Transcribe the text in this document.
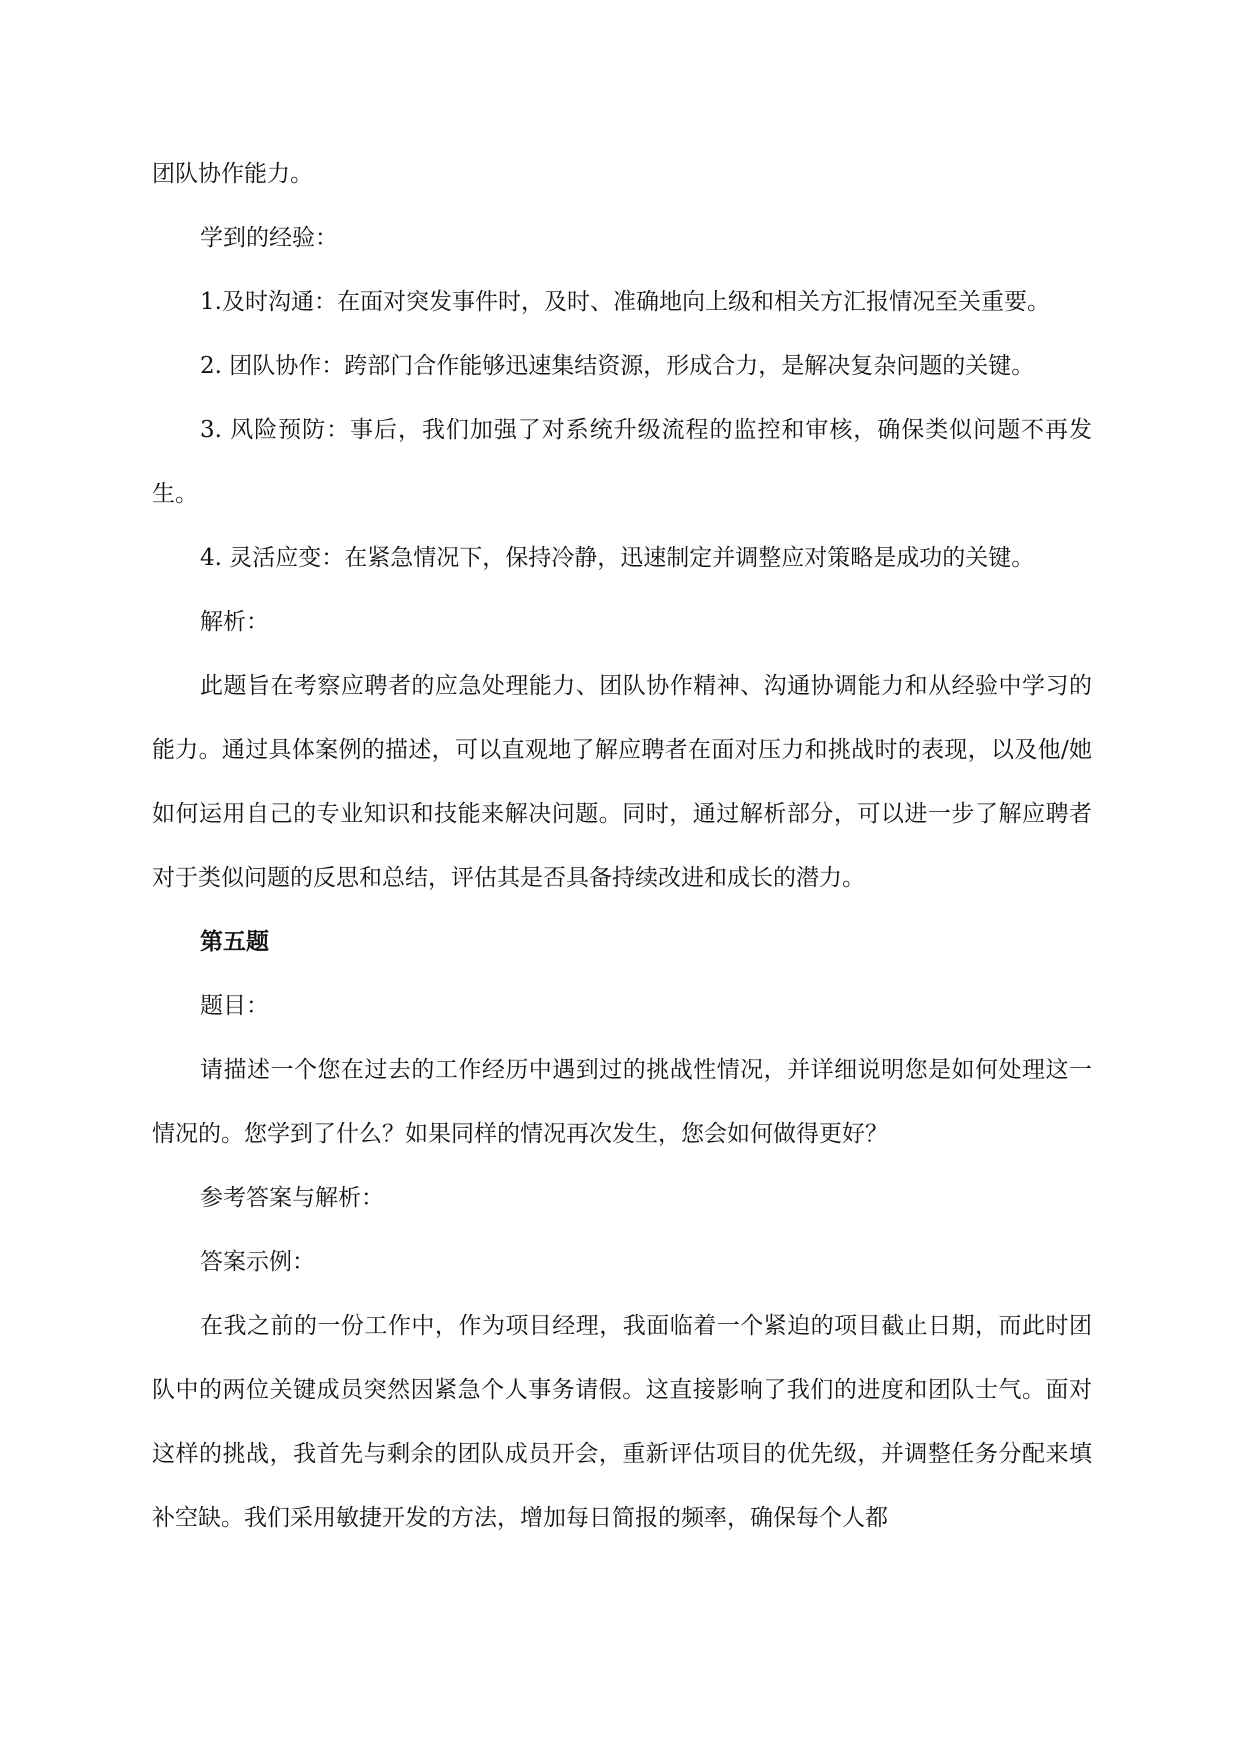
团队协作能力。

学到的经验：

1.及时沟通：在面对突发事件时，及时、准确地向上级和相关方汇报情况至关重要。

2. 团队协作：跨部门合作能够迅速集结资源，形成合力，是解决复杂问题的关键。

3. 风险预防：事后，我们加强了对系统升级流程的监控和审核，确保类似问题不再发生。

4. 灵活应变：在紧急情况下，保持冷静，迅速制定并调整应对策略是成功的关键。

解析：

此题旨在考察应聘者的应急处理能力、团队协作精神、沟通协调能力和从经验中学习的能力。通过具体案例的描述，可以直观地了解应聘者在面对压力和挑战时的表现，以及他/她如何运用自己的专业知识和技能来解决问题。同时，通过解析部分，可以进一步了解应聘者对于类似问题的反思和总结，评估其是否具备持续改进和成长的潜力。

第五题

题目：

请描述一个您在过去的工作经历中遇到过的挑战性情况，并详细说明您是如何处理这一情况的。您学到了什么？如果同样的情况再次发生，您会如何做得更好？

参考答案与解析：

答案示例：

在我之前的一份工作中，作为项目经理，我面临着一个紧迫的项目截止日期，而此时团队中的两位关键成员突然因紧急个人事务请假。这直接影响了我们的进度和团队士气。面对这样的挑战，我首先与剩余的团队成员开会，重新评估项目的优先级，并调整任务分配来填补空缺。我们采用敏捷开发的方法，增加每日简报的频率，确保每个人都
